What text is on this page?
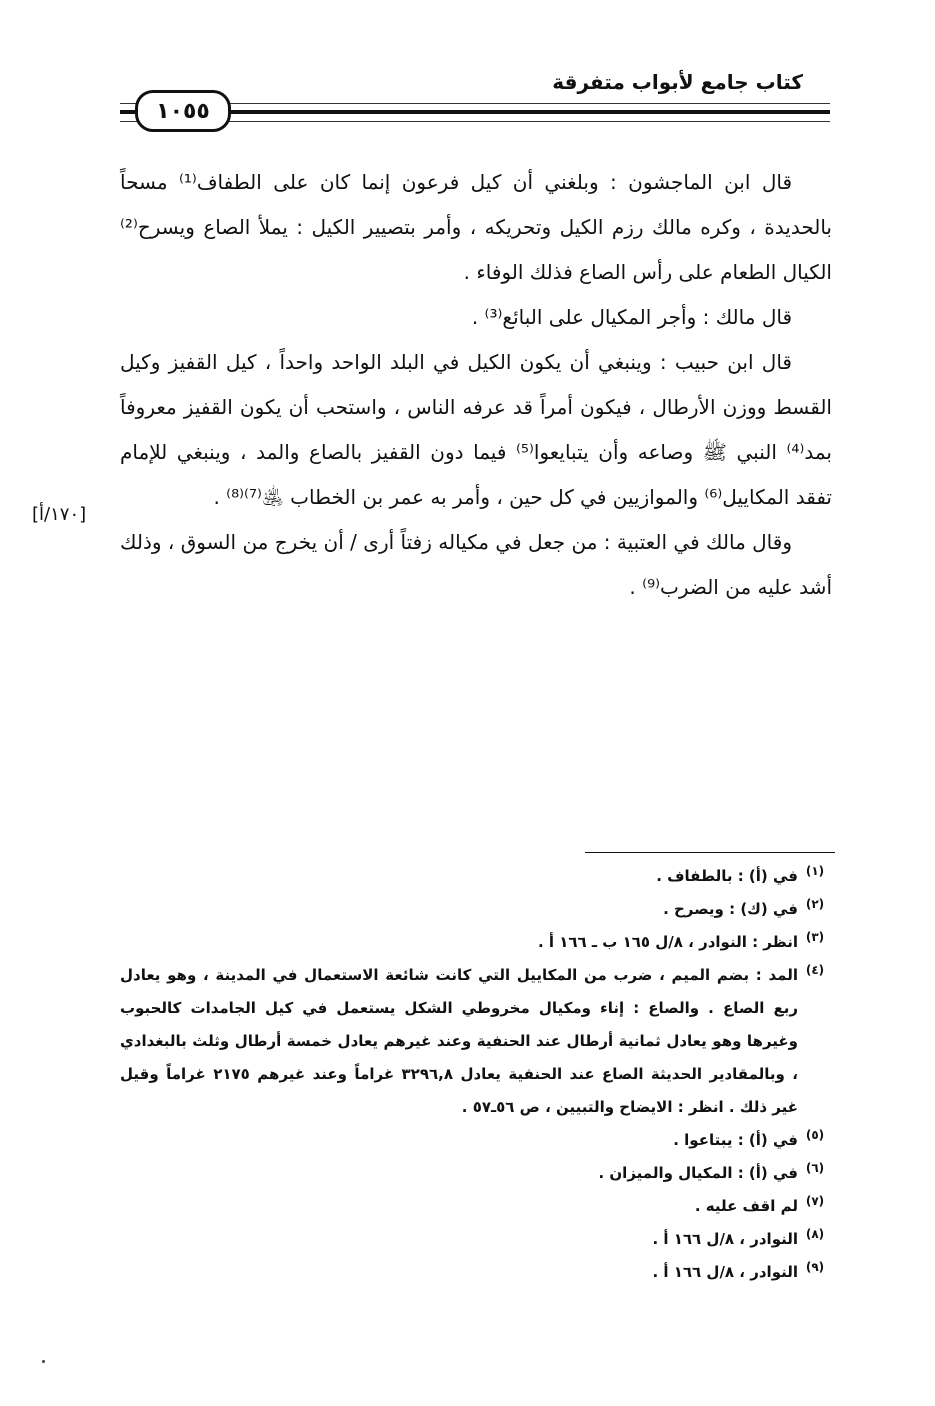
كتاب جامع لأبواب متفرقة
١٠٥٥

قال ابن الماجشون : وبلغني أن كيل فرعون إنما كان على الطفاف⁽¹⁾ مسحاً بالحديدة ، وكره مالك رزم الكيل وتحريكه ، وأمر بتصيير الكيل : يملأ الصاع ويسرح⁽²⁾ الكيال الطعام على رأس الصاع فذلك الوفاء .

قال مالك : وأجر المكيال على البائع⁽³⁾ .

قال ابن حبيب : وينبغي أن يكون الكيل في البلد الواحد واحداً ، كيل القفيز وكيل القسط ووزن الأرطال ، فيكون أمراً قد عرفه الناس ، واستحب أن يكون القفيز معروفاً بمد⁽⁴⁾ النبي ﷺ وصاعه وأن يتبايعوا⁽⁵⁾ فيما دون القفيز بالصاع والمد ، وينبغي للإمام تفقد المكاييل⁽⁶⁾ والموازيين في كل حين ، وأمر به عمر بن الخطاب ﵁⁽⁷⁾⁽⁸⁾ .

وقال مالك في العتبية : من جعل في مكياله زفتاً أرى / أن يخرج من السوق ، وذلك أشد عليه من الضرب⁽⁹⁾ .

[١٧٠/أ]
(١)
في (أ) : بالطفاف .
(٢)
في (ك) : ويصرح .
(٣)
انظر : النوادر ، ٨/ل ١٦٥ ب ـ ١٦٦ أ .
(٤)
المد : بضم الميم ، ضرب من المكاييل التي كانت شائعة الاستعمال في المدينة ، وهو يعادل ربع الصاع . والصاع : إناء ومكيال مخروطي الشكل يستعمل في كيل الجامدات كالحبوب وغيرها وهو يعادل ثمانية أرطال عند الحنفية وعند غيرهم يعادل خمسة أرطال وثلث بالبغدادي ، وبالمقادير الحديثة الصاع عند الحنفية يعادل ٣٢٩٦,٨ غراماً وعند غيرهم ٢١٧٥ غراماً وقيل غير ذلك . انظر : الايضاح والتبيين ، ص ٥٦ـ٥٧ .
(٥)
في (أ) : يبتاعوا .
(٦)
في (أ) : المكيال والميزان .
(٧)
لم اقف عليه .
(٨)
النوادر ، ٨/ل ١٦٦ أ .
(٩)
النوادر ، ٨/ل ١٦٦ أ .
